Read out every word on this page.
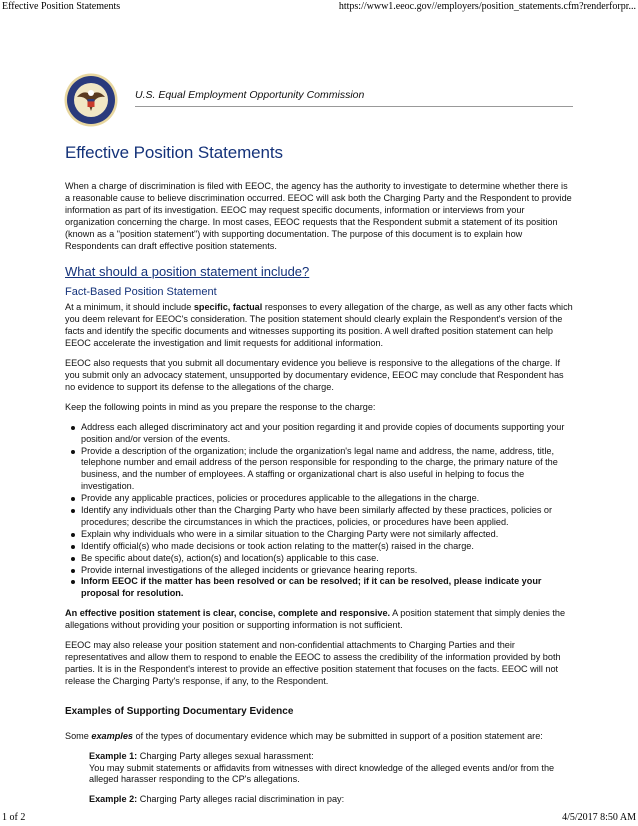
Effective Position Statements	https://www1.eeoc.gov//employers/position_statements.cfm?renderforpr...
U.S. Equal Employment Opportunity Commission
Effective Position Statements

When a charge of discrimination is filed with EEOC, the agency has the authority to investigate to determine whether there is a reasonable cause to believe discrimination occurred. EEOC will ask both the Charging Party and the Respondent to provide information as part of its investigation. EEOC may request specific documents, information or interviews from your organization concerning the charge. In most cases, EEOC requests that the Respondent submit a statement of its position (known as a "position statement") with supporting documentation. The purpose of this document is to explain how Respondents can draft effective position statements.

What should a position statement include?
Fact-Based Position Statement

At a minimum, it should include specific, factual responses to every allegation of the charge, as well as any other facts which you deem relevant for EEOC's consideration. The position statement should clearly explain the Respondent's version of the facts and identify the specific documents and witnesses supporting its position. A well drafted position statement can help EEOC accelerate the investigation and limit requests for additional information.

EEOC also requests that you submit all documentary evidence you believe is responsive to the allegations of the charge. If you submit only an advocacy statement, unsupported by documentary evidence, EEOC may conclude that Respondent has no evidence to support its defense to the allegations of the charge.

Keep the following points in mind as you prepare the response to the charge:

Address each alleged discriminatory act and your position regarding it and provide copies of documents supporting your position and/or version of the events.
Provide a description of the organization; include the organization's legal name and address, the name, address, title, telephone number and email address of the person responsible for responding to the charge, the primary nature of the business, and the number of employees. A staffing or organizational chart is also useful in helping to focus the investigation.
Provide any applicable practices, policies or procedures applicable to the allegations in the charge.
Identify any individuals other than the Charging Party who have been similarly affected by these practices, policies or procedures; describe the circumstances in which the practices, policies, or procedures have been applied.
Explain why individuals who were in a similar situation to the Charging Party were not similarly affected.
Identify official(s) who made decisions or took action relating to the matter(s) raised in the charge.
Be specific about date(s), action(s) and location(s) applicable to this case.
Provide internal investigations of the alleged incidents or grievance hearing reports.
Inform EEOC if the matter has been resolved or can be resolved; if it can be resolved, please indicate your proposal for resolution.

An effective position statement is clear, concise, complete and responsive. A position statement that simply denies the allegations without providing your position or supporting information is not sufficient.

EEOC may also release your position statement and non-confidential attachments to Charging Parties and their representatives and allow them to respond to enable the EEOC to assess the credibility of the information provided by both parties. It is in the Respondent's interest to provide an effective position statement that focuses on the facts. EEOC will not release the Charging Party's response, if any, to the Respondent.

Examples of Supporting Documentary Evidence

Some examples of the types of documentary evidence which may be submitted in support of a position statement are:

Example 1: Charging Party alleges sexual harassment:
You may submit statements or affidavits from witnesses with direct knowledge of the alleged events and/or from the alleged harasser responding to the CP's allegations.
Example 2: Charging Party alleges racial discrimination in pay:
1 of 2	4/5/2017 8:50 AM
